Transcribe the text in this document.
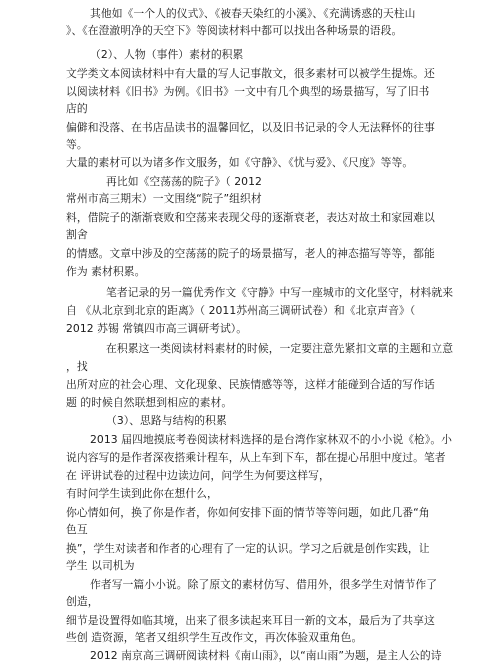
其他如《一个人的仪式》、《被春天染红的小溪》、《充满诱惑的天柱山
》、《在澄澈明净的天空下》等阅读材料中都可以找出各种场景的语段。
（2）、人物（事件）素材的积累
文学类文本阅读材料中有大量的写人记事散文，很多素材可以被学生提炼。还
以阅读材料《旧书》为例。《旧书》一文中有几个典型的场景描写，写了旧书
店的
偏僻和没落、在书店品读书的温馨回忆，以及旧书记录的令人无法释怀的往事
等。
大量的素材可以为诸多作文服务，如《守静》、《忧与爱》、《尺度》等等。
再比如《空荡荡的院子》（ 2012
常州市高三期末）一文围绕“院子”组织材
料，借院子的渐渐衰败和空荡来表现父母的逐渐衰老，表达对故土和家园难以
割舍
的情感。文章中涉及的空荡荡的院子的场景描写，老人的神态描写等等，都能
作为 素材积累。
笔者记录的另一篇优秀作文《守静》中写一座城市的文化坚守，材料就来
自 《从北京到北京的距离》（ 2011苏州高三调研试卷）和《北京声音》（
2012 苏锡 常镇四市高三调研考试）。
在积累这一类阅读材料素材的时候，一定要注意先紧扣文章的主题和立意
，找
出所对应的社会心理、文化现象、民族情感等等，这样才能碰到合适的写作话
题 的时候自然联想到相应的素材。
（3）、思路与结构的积累
2013 届四地摸底考卷阅读材料选择的是台湾作家林双不的小小说《枪》。小
说内容写的是作者深夜搭乘计程车，从上车到下车，都在提心吊胆中度过。笔者
在 评讲试卷的过程中边读边问，问学生为何要这样写，
有时问学生读到此你在想什么，
你心情如何，换了你是作者，你如何安排下面的情节等等问题，如此几番“角
色互
换”，学生对读者和作者的心理有了一定的认识。学习之后就是创作实践，让
学生 以司机为
作者写一篇小小说。除了原文的素材仿写、借用外，很多学生对情节作了
创造，
细节是设置得如临其境，出来了很多读起来耳目一新的文本，最后为了共享这
些创 造资源，笔者又组织学生互改作文，再次体验双重角色。
2012 南京高三调研阅读材料《南山雨》，以“南山雨”为题，是主人公的诗
